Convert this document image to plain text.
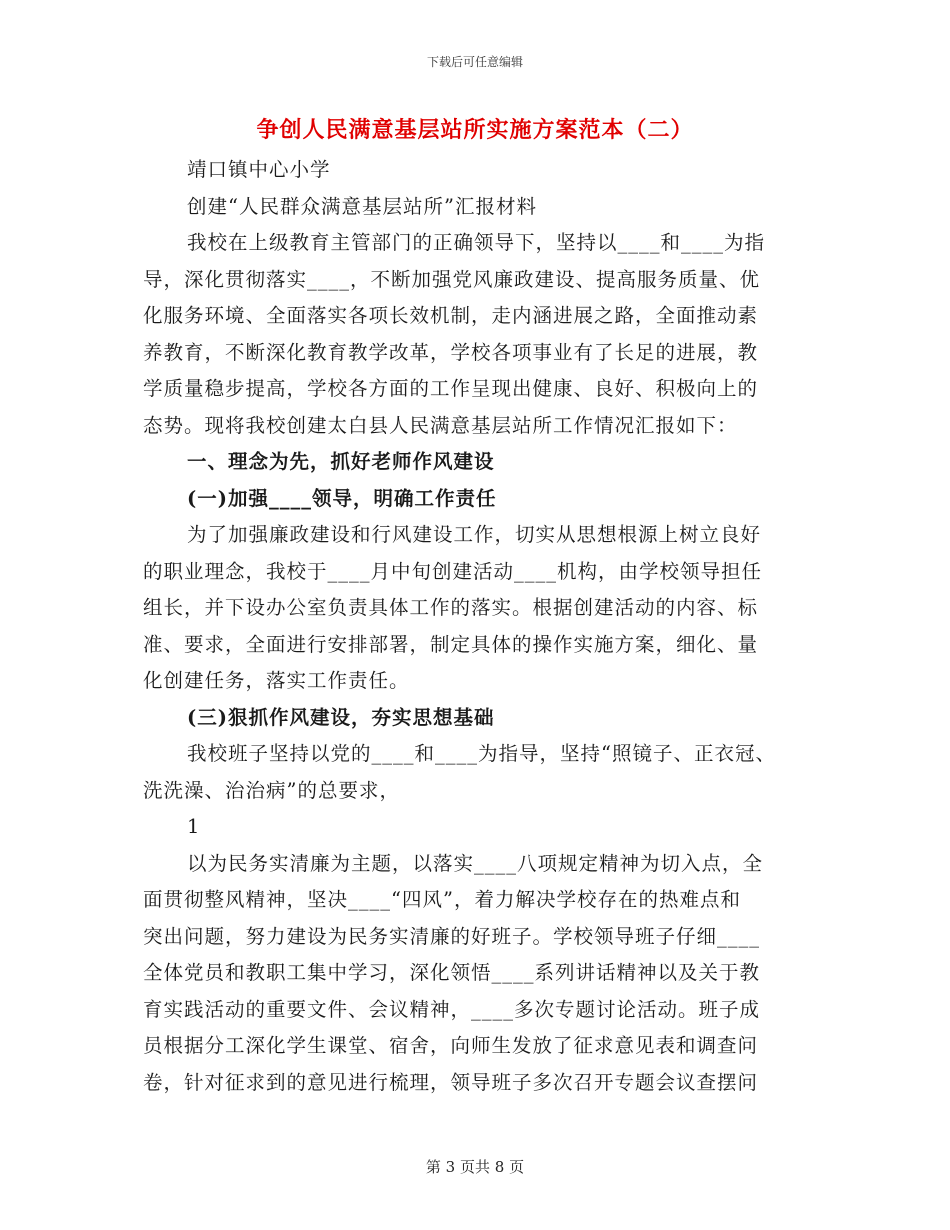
下载后可任意编辑
争创人民满意基层站所实施方案范本（二）
靖口镇中心小学
创建“人民群众满意基层站所”汇报材料
我校在上级教育主管部门的正确领导下，坚持以____和____为指
导，深化贯彻落实____，不断加强党风廉政建设、提高服务质量、优
化服务环境、全面落实各项长效机制，走内涵进展之路，全面推动素
养教育，不断深化教育教学改革，学校各项事业有了长足的进展，教
学质量稳步提高，学校各方面的工作呈现出健康、良好、积极向上的
态势。现将我校创建太白县人民满意基层站所工作情况汇报如下：
一、理念为先，抓好老师作风建设
(一)加强____领导，明确工作责任
为了加强廉政建设和行风建设工作，切实从思想根源上树立良好
的职业理念，我校于____月中旬创建活动____机构，由学校领导担任
组长，并下设办公室负责具体工作的落实。根据创建活动的内容、标
准、要求，全面进行安排部署，制定具体的操作实施方案，细化、量
化创建任务，落实工作责任。
(三)狠抓作风建设，夯实思想基础
我校班子坚持以党的____和____为指导，坚持“照镜子、正衣冠、
洗洗澡、治治病”的总要求，
1
以为民务实清廉为主题，以落实____八项规定精神为切入点，全
面贯彻整风精神，坚决____“四风”，着力解决学校存在的热难点和
突出问题，努力建设为民务实清廉的好班子。学校领导班子仔细____
全体党员和教职工集中学习，深化领悟____系列讲话精神以及关于教
育实践活动的重要文件、会议精神，____多次专题讨论活动。班子成
员根据分工深化学生课堂、宿舍，向师生发放了征求意见表和调查问
卷，针对征求到的意见进行梳理，领导班子多次召开专题会议查摆问
第 3 页共 8 页
